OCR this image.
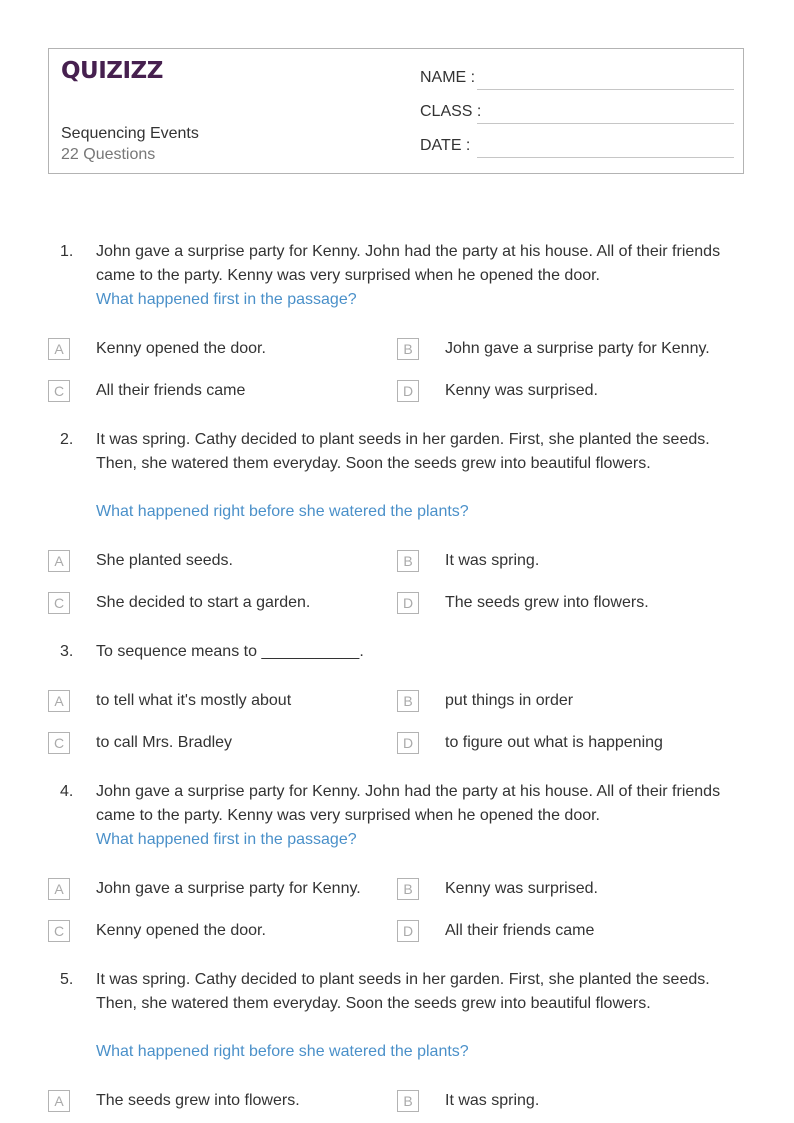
QUIZIZZ
Sequencing Events
22 Questions
NAME :
CLASS :
DATE :
1. John gave a surprise party for Kenny. John had the party at his house. All of their friends came to the party. Kenny was very surprised when he opened the door.
What happened first in the passage?
A	Kenny opened the door.	B	John gave a surprise party for Kenny.
C	All their friends came	D	Kenny was surprised.
2. It was spring. Cathy decided to plant seeds in her garden. First, she planted the seeds. Then, she watered them everyday. Soon the seeds grew into beautiful flowers.
What happened right before she watered the plants?
A	She planted seeds.	B	It was spring.
C	She decided to start a garden.	D	The seeds grew into flowers.
3. To sequence means to ___________.
A	to tell what it's mostly about	B	put things in order
C	to call Mrs. Bradley	D	to figure out what is happening
4. John gave a surprise party for Kenny. John had the party at his house. All of their friends came to the party. Kenny was very surprised when he opened the door.
What happened first in the passage?
A	John gave a surprise party for Kenny.	B	Kenny was surprised.
C	Kenny opened the door.	D	All their friends came
5. It was spring. Cathy decided to plant seeds in her garden. First, she planted the seeds. Then, she watered them everyday. Soon the seeds grew into beautiful flowers.
What happened right before she watered the plants?
A	The seeds grew into flowers.	B	It was spring.
